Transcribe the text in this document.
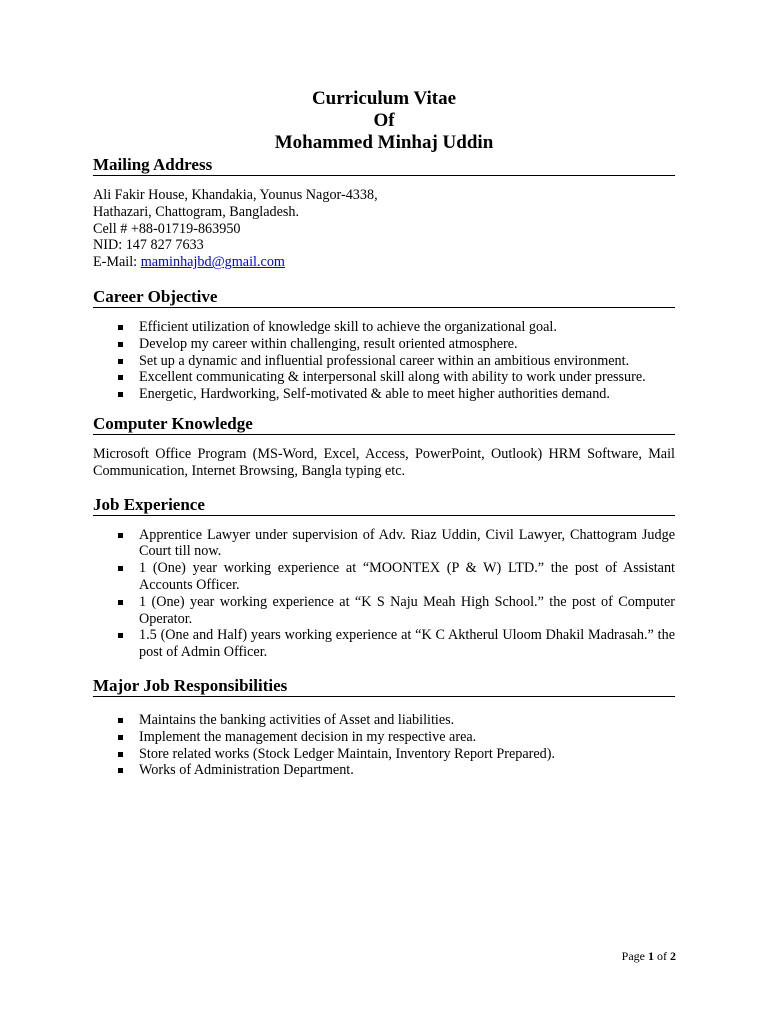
Curriculum Vitae

Of

Mohammed Minhaj Uddin

Mailing Address

Ali Fakir House, Khandakia, Younus Nagor-4338,
Hathazari, Chattogram, Bangladesh.
Cell # +88-01719-863950
NID: 147 827 7633
E-Mail: maminhajbd@gmail.com

Career Objective

Efficient utilization of knowledge skill to achieve the organizational goal.
Develop my career within challenging, result oriented atmosphere.
Set up a dynamic and influential professional career within an ambitious environment.
Excellent communicating & interpersonal skill along with ability to work under pressure.
Energetic, Hardworking, Self-motivated & able to meet higher authorities demand.

Computer Knowledge

Microsoft Office Program (MS-Word, Excel, Access, PowerPoint, Outlook) HRM Software, Mail Communication, Internet Browsing, Bangla typing etc.

Job Experience

Apprentice Lawyer under supervision of Adv. Riaz Uddin, Civil Lawyer, Chattogram Judge Court till now.
1 (One) year working experience at “MOONTEX (P & W) LTD.” the post of Assistant Accounts Officer.
1 (One) year working experience at “K S Naju Meah High School.” the post of Computer Operator.
1.5 (One and Half) years working experience at “K C Aktherul Uloom Dhakil Madrasah.” the post of Admin Officer.

Major Job Responsibilities

Maintains the banking activities of Asset and liabilities.
Implement the management decision in my respective area.
Store related works (Stock Ledger Maintain, Inventory Report Prepared).
Works of Administration Department.
Page 1 of 2
